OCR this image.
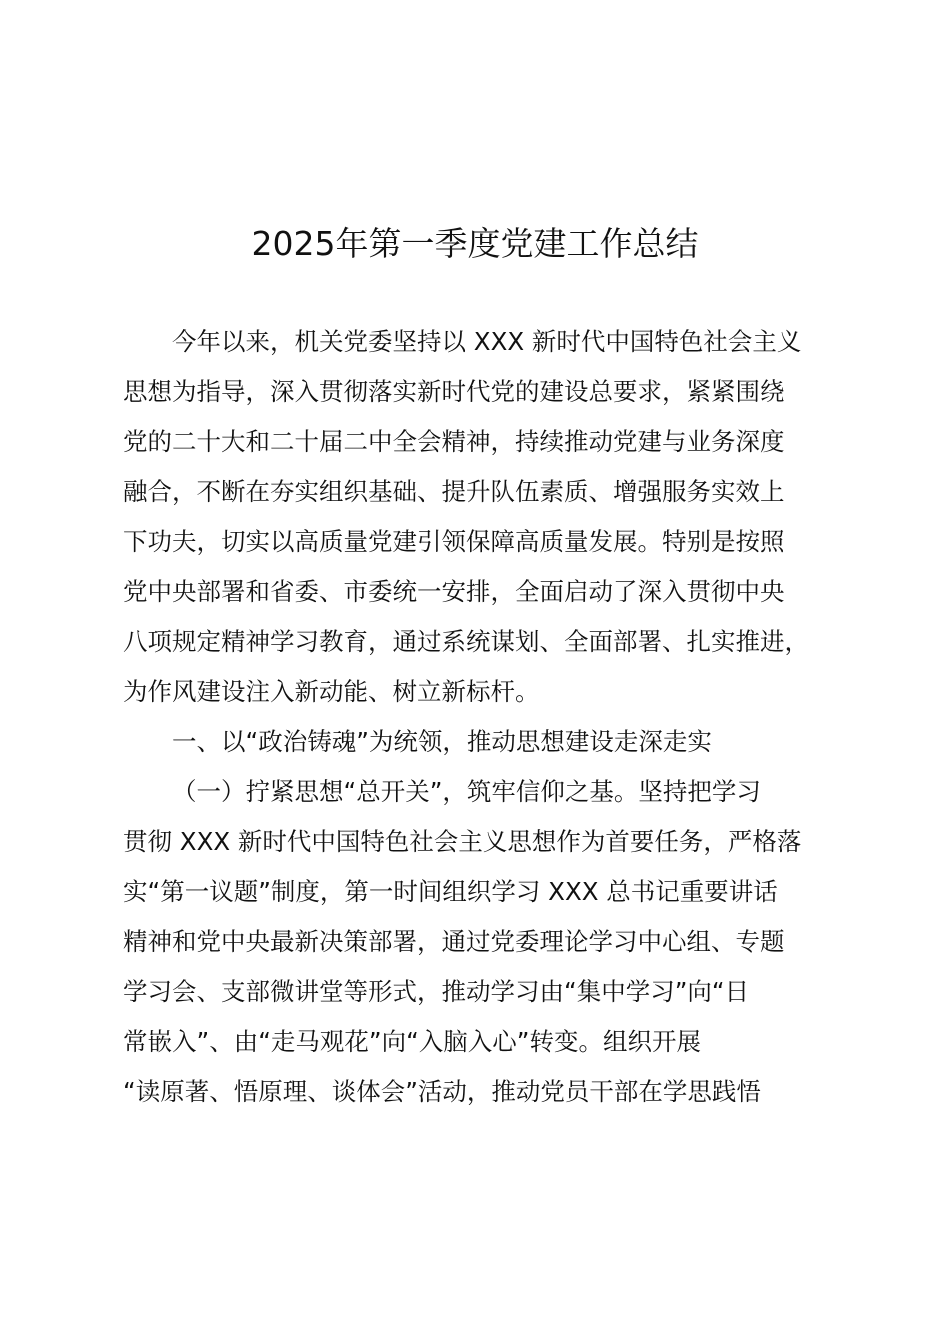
2025年第一季度党建工作总结
今年以来，机关党委坚持以 XXX 新时代中国特色社会主义
思想为指导，深入贯彻落实新时代党的建设总要求，紧紧围绕
党的二十大和二十届二中全会精神，持续推动党建与业务深度
融合，不断在夯实组织基础、提升队伍素质、增强服务实效上
下功夫，切实以高质量党建引领保障高质量发展。特别是按照
党中央部署和省委、市委统一安排，全面启动了深入贯彻中央
八项规定精神学习教育，通过系统谋划、全面部署、扎实推进，
为作风建设注入新动能、树立新标杆。
一、以“政治铸魂”为统领，推动思想建设走深走实
（一）拧紧思想“总开关”，筑牢信仰之基。坚持把学习
贯彻 XXX 新时代中国特色社会主义思想作为首要任务，严格落
实“第一议题”制度，第一时间组织学习 XXX 总书记重要讲话
精神和党中央最新决策部署，通过党委理论学习中心组、专题
学习会、支部微讲堂等形式，推动学习由“集中学习”向“日
常嵌入”、由“走马观花”向“入脑入心”转变。组织开展
“读原著、悟原理、谈体会”活动，推动党员干部在学思践悟
